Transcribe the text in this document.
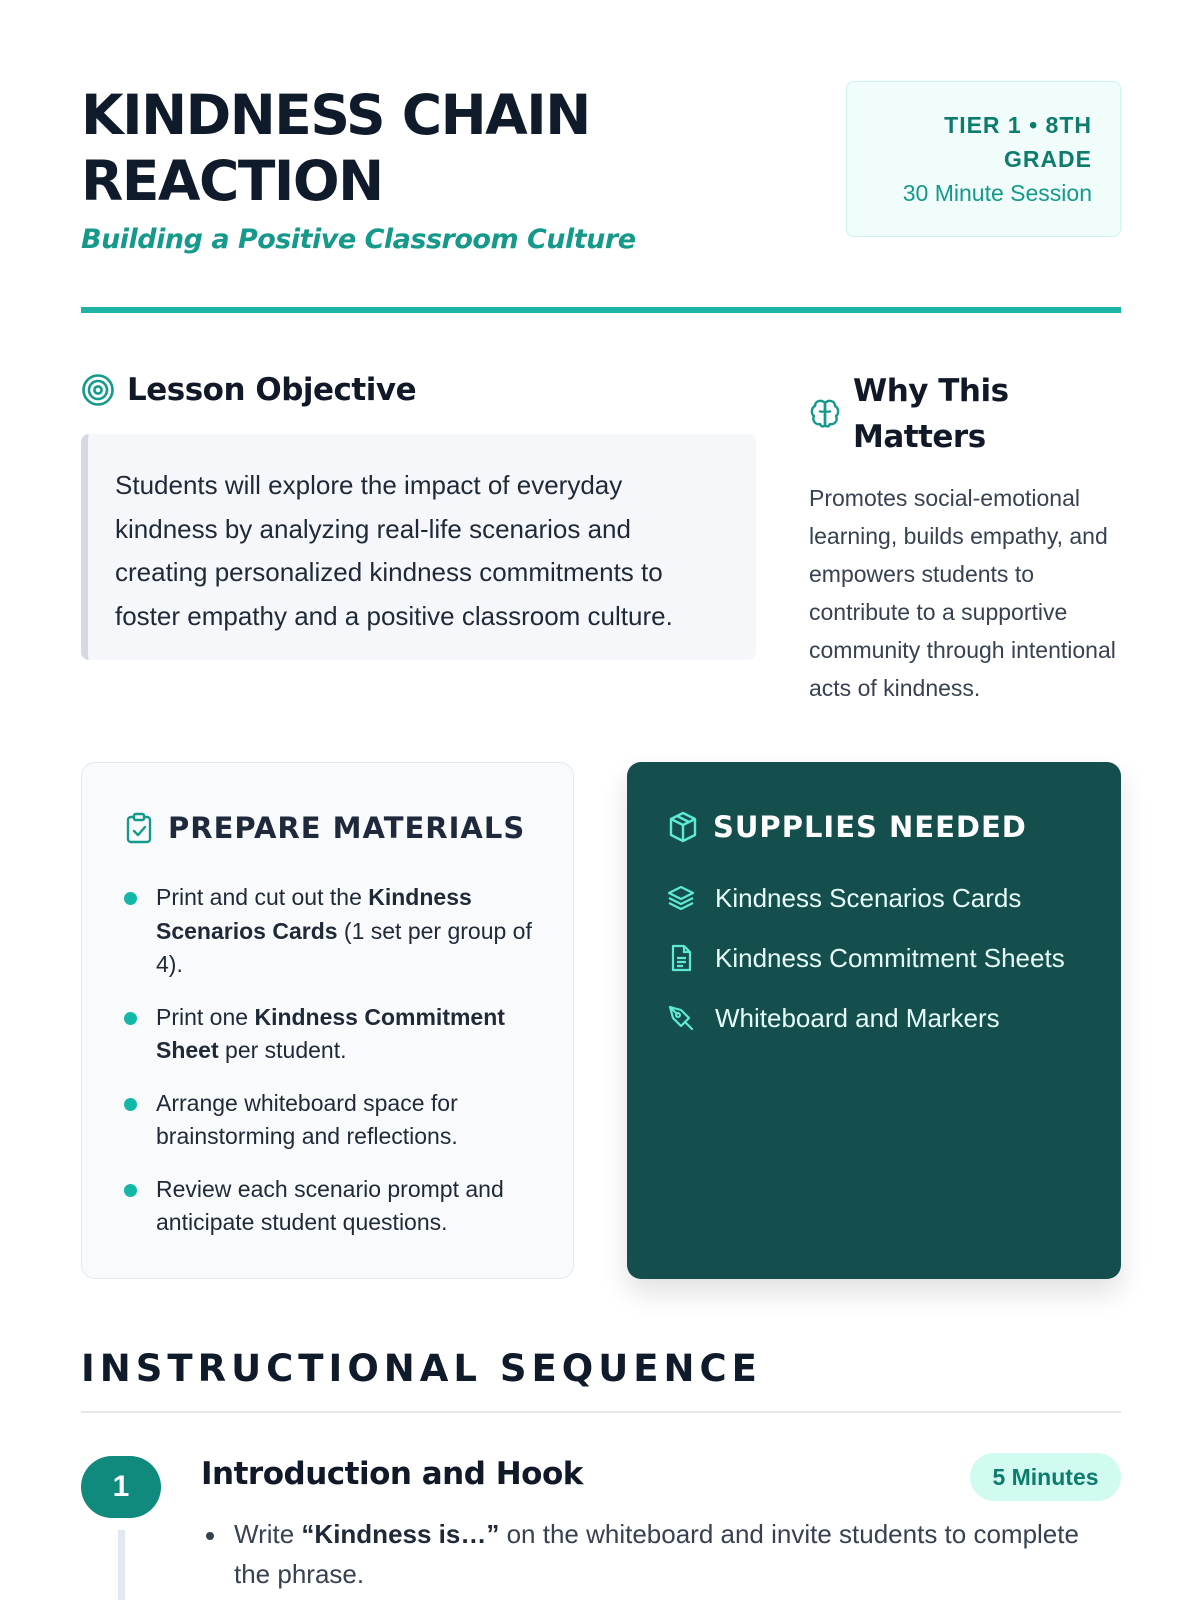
KINDNESS CHAIN REACTION
Building a Positive Classroom Culture
TIER 1 • 8TH
GRADE
30 Minute Session
Lesson Objective

Students will explore the impact of everyday kindness by analyzing real-life scenarios and creating personalized kindness commitments to foster empathy and a positive classroom culture.

Why This Matters

Promotes social-emotional learning, builds empathy, and empowers students to contribute to a supportive community through intentional acts of kindness.

PREPARE MATERIALS
Print and cut out the Kindness Scenarios Cards (1 set per group of 4).
Print one Kindness Commitment Sheet per student.
Arrange whiteboard space for brainstorming and reflections.
Review each scenario prompt and anticipate student questions.
SUPPLIES NEEDED
Kindness Scenarios Cards
Kindness Commitment Sheets
Whiteboard and Markers
INSTRUCTIONAL SEQUENCE
1	Introduction and Hook	5 Minutes
Write “Kindness is…” on the whiteboard and invite students to complete the phrase.
